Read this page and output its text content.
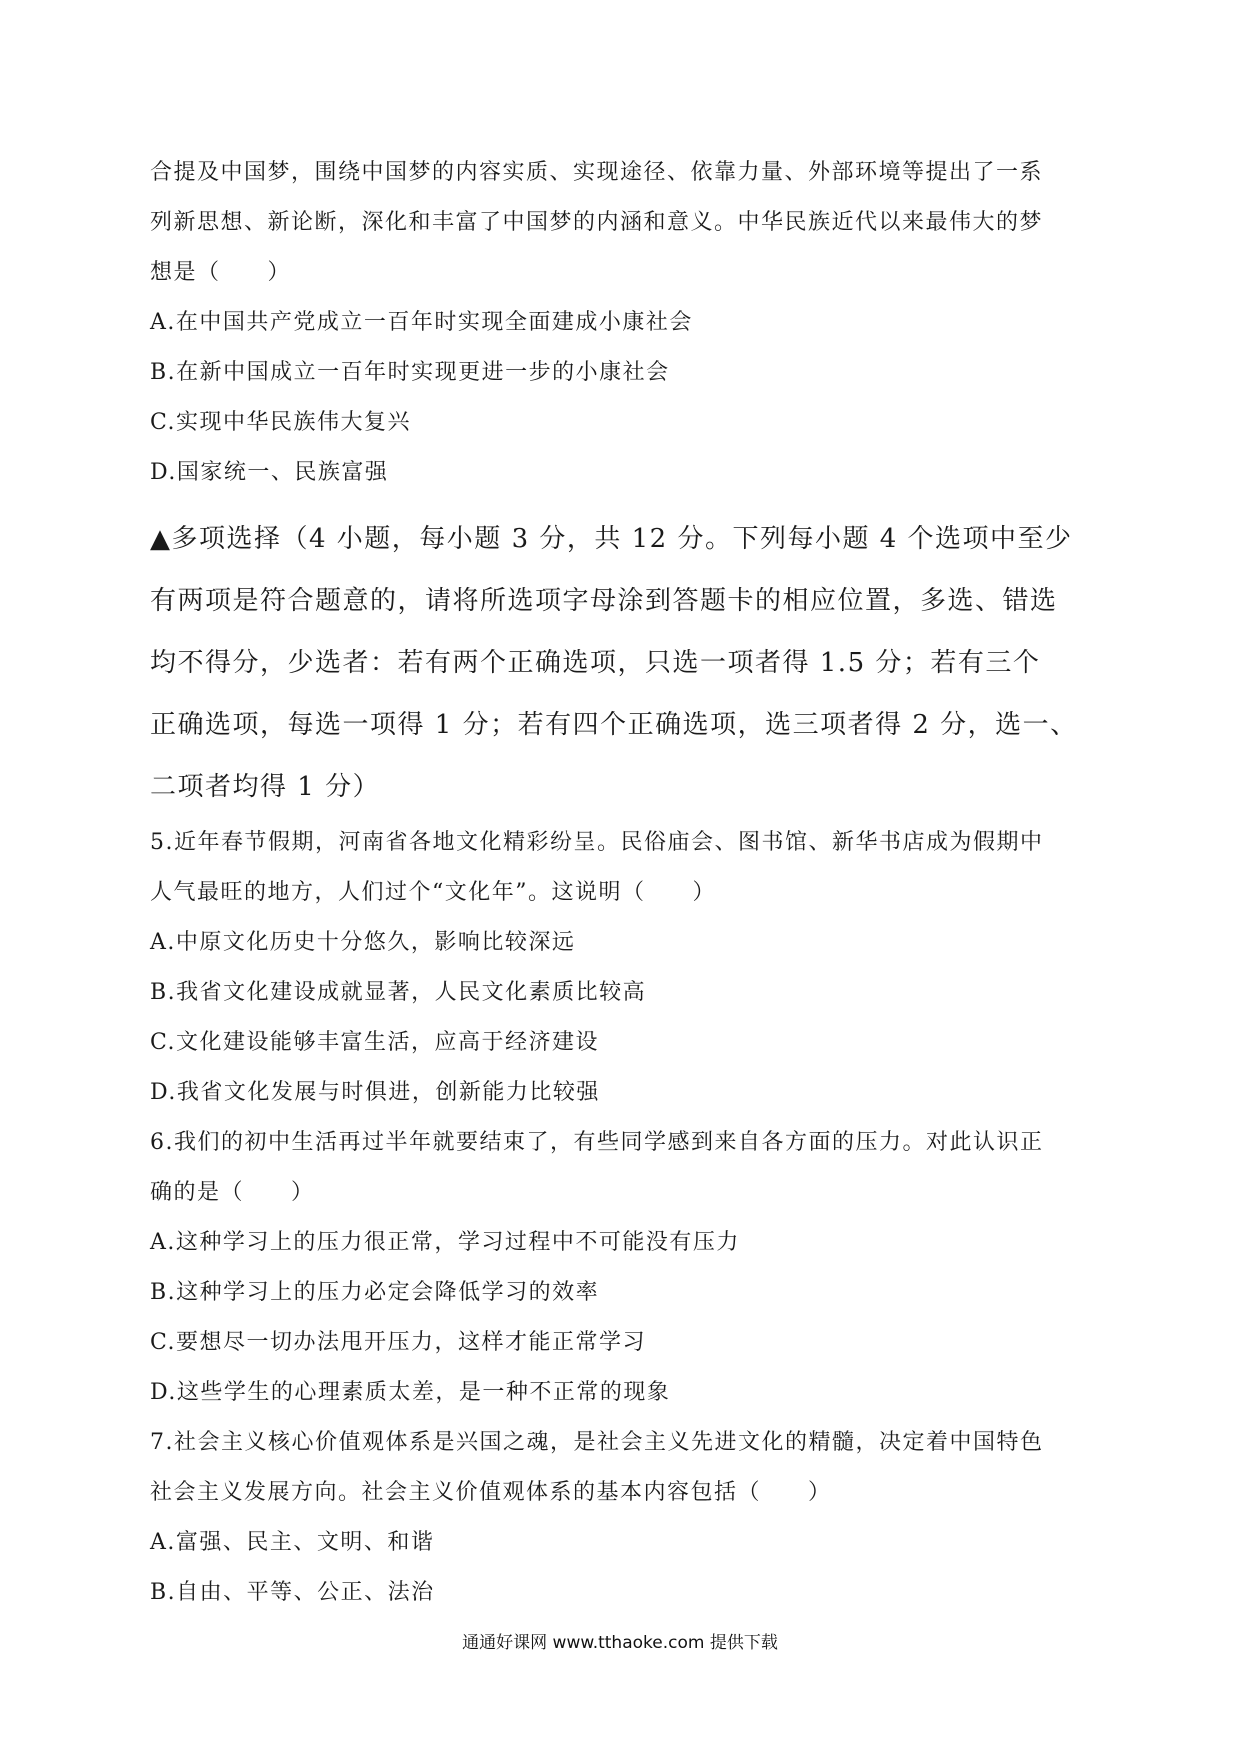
合提及中国梦，围绕中国梦的内容实质、实现途径、依靠力量、外部环境等提出了一系
列新思想、新论断，深化和丰富了中国梦的内涵和意义。中华民族近代以来最伟大的梦
想是（　　）
A.在中国共产党成立一百年时实现全面建成小康社会
B.在新中国成立一百年时实现更进一步的小康社会
C.实现中华民族伟大复兴
D.国家统一、民族富强
▲多项选择（4 小题，每小题 3 分，共 12 分。下列每小题 4 个选项中至少
有两项是符合题意的，请将所选项字母涂到答题卡的相应位置，多选、错选
均不得分，少选者：若有两个正确选项，只选一项者得 1.5 分；若有三个
正确选项，每选一项得 1 分；若有四个正确选项，选三项者得 2 分，选一、
二项者均得 1 分）
5.近年春节假期，河南省各地文化精彩纷呈。民俗庙会、图书馆、新华书店成为假期中
人气最旺的地方，人们过个“文化年”。这说明（　　）
A.中原文化历史十分悠久，影响比较深远
B.我省文化建设成就显著，人民文化素质比较高
C.文化建设能够丰富生活，应高于经济建设
D.我省文化发展与时俱进，创新能力比较强
6.我们的初中生活再过半年就要结束了，有些同学感到来自各方面的压力。对此认识正
确的是（　　）
A.这种学习上的压力很正常，学习过程中不可能没有压力
B.这种学习上的压力必定会降低学习的效率
C.要想尽一切办法甩开压力，这样才能正常学习
D.这些学生的心理素质太差，是一种不正常的现象
7.社会主义核心价值观体系是兴国之魂，是社会主义先进文化的精髓，决定着中国特色
社会主义发展方向。社会主义价值观体系的基本内容包括（　　）
A.富强、民主、文明、和谐
B.自由、平等、公正、法治
通通好课网 www.tthaoke.com 提供下载
